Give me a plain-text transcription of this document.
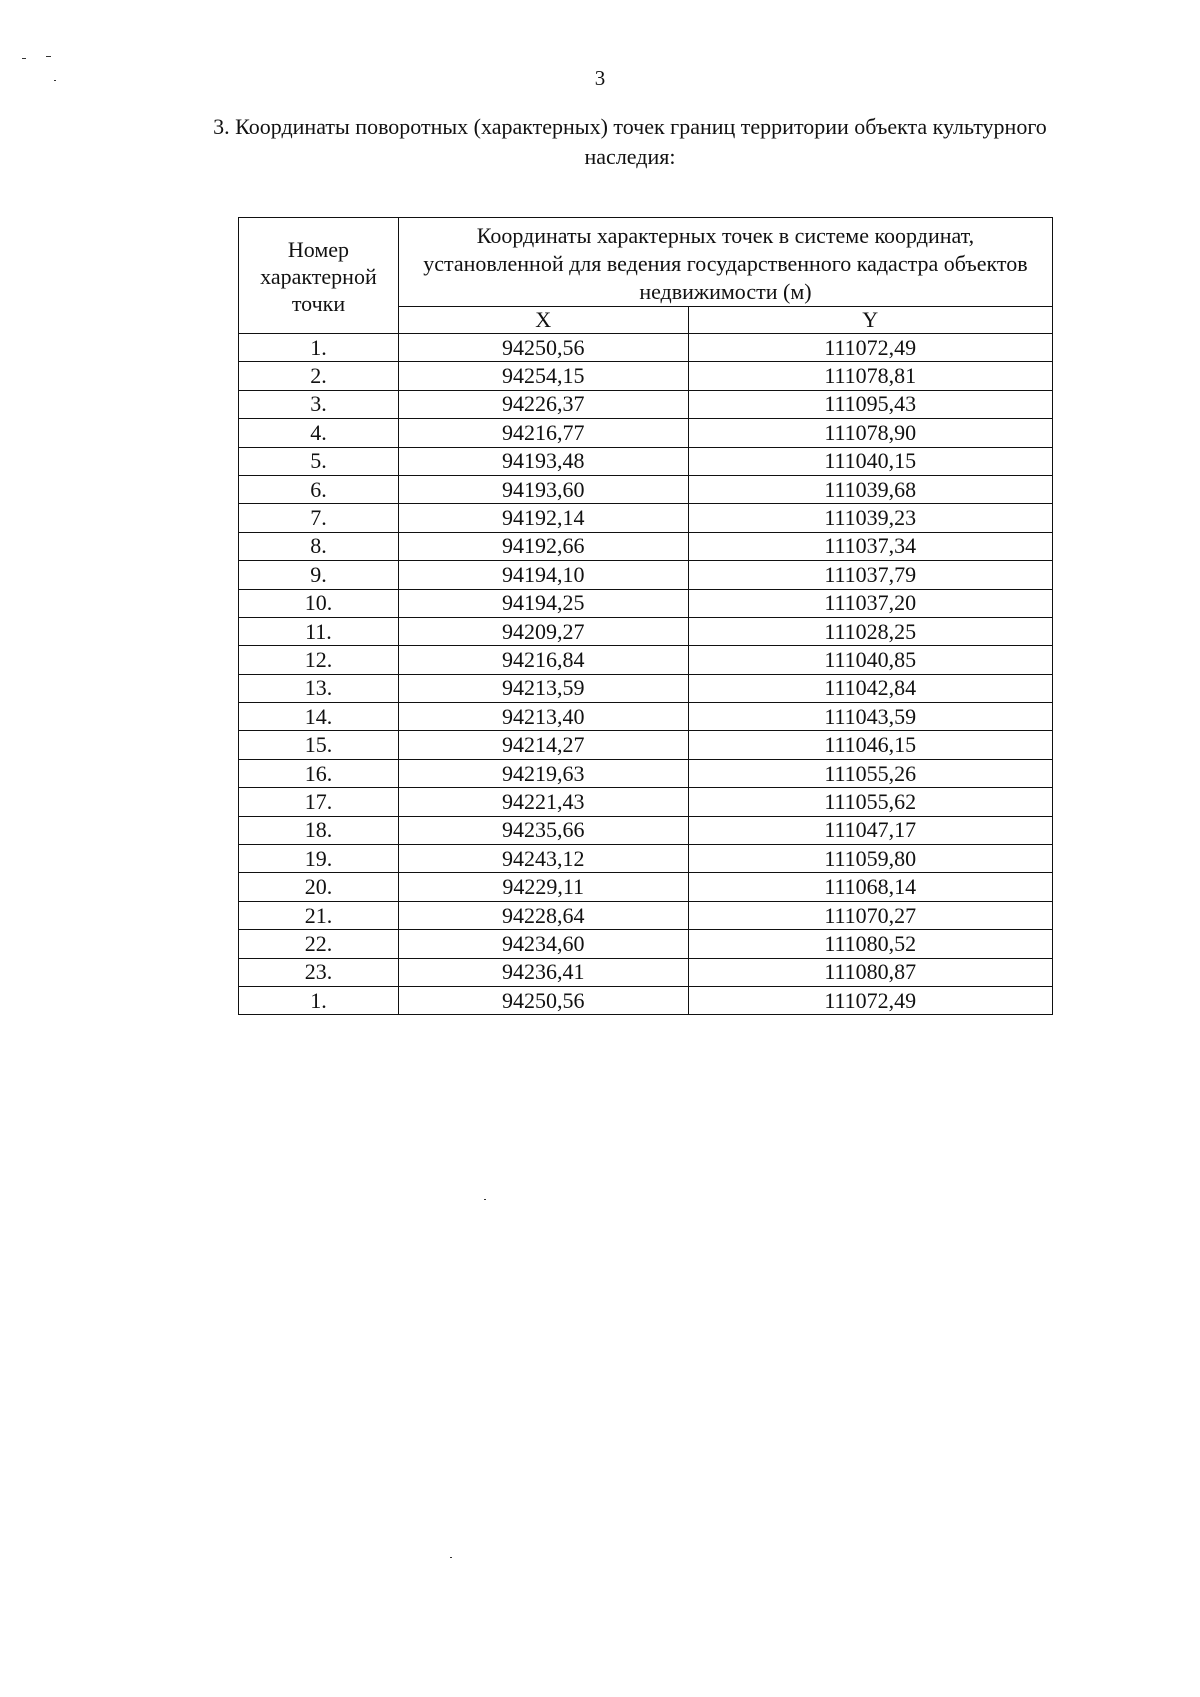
3
3. Координаты поворотных (характерных) точек границ территории объекта культурного
наследия:
Номер характерной точки	Координаты характерных точек в системе координат, установленной для ведения государственного кадастра объектов недвижимости (м)	
	X	Y
1.	94250,56	111072,49
2.	94254,15	111078,81
3.	94226,37	111095,43
4.	94216,77	111078,90
5.	94193,48	111040,15
6.	94193,60	111039,68
7.	94192,14	111039,23
8.	94192,66	111037,34
9.	94194,10	111037,79
10.	94194,25	111037,20
11.	94209,27	111028,25
12.	94216,84	111040,85
13.	94213,59	111042,84
14.	94213,40	111043,59
15.	94214,27	111046,15
16.	94219,63	111055,26
17.	94221,43	111055,62
18.	94235,66	111047,17
19.	94243,12	111059,80
20.	94229,11	111068,14
21.	94228,64	111070,27
22.	94234,60	111080,52
23.	94236,41	111080,87
1.	94250,56	111072,49
